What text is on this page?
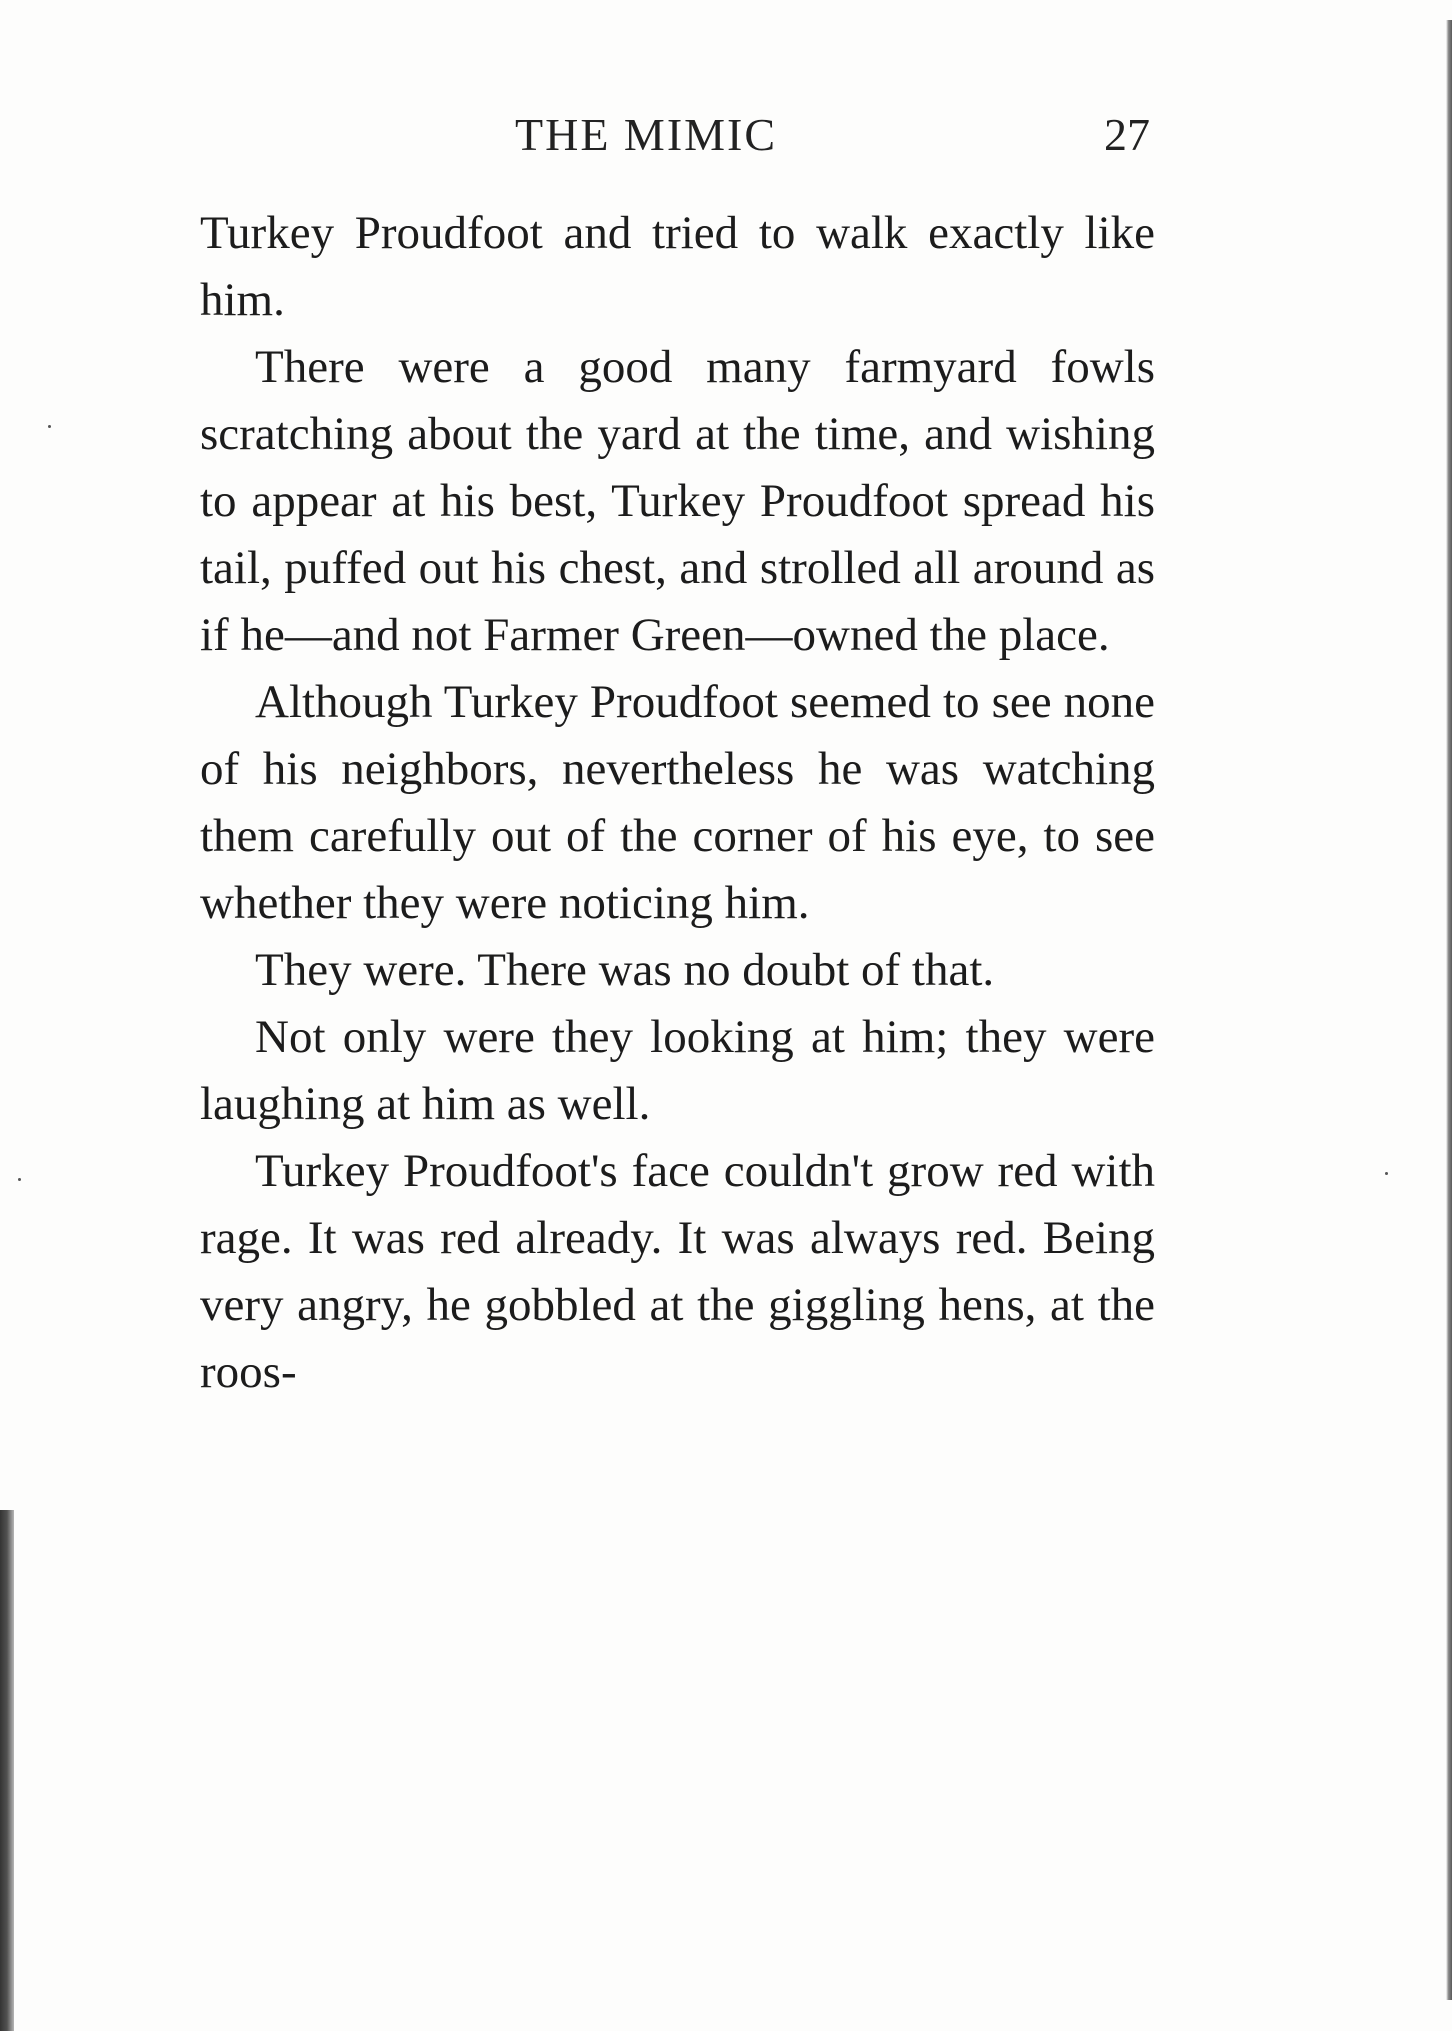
THE MIMIC	27

Turkey Proudfoot and tried to walk exactly like him.

There were a good many farmyard fowls scratching about the yard at the time, and wishing to appear at his best, Turkey Proudfoot spread his tail, puffed out his chest, and strolled all around as if he—and not Farmer Green—owned the place.

Although Turkey Proudfoot seemed to see none of his neighbors, nevertheless he was watching them carefully out of the corner of his eye, to see whether they were noticing him.

They were. There was no doubt of that.

Not only were they looking at him; they were laughing at him as well.

Turkey Proudfoot's face couldn't grow red with rage. It was red already. It was always red. Being very angry, he gobbled at the giggling hens, at the roos-
